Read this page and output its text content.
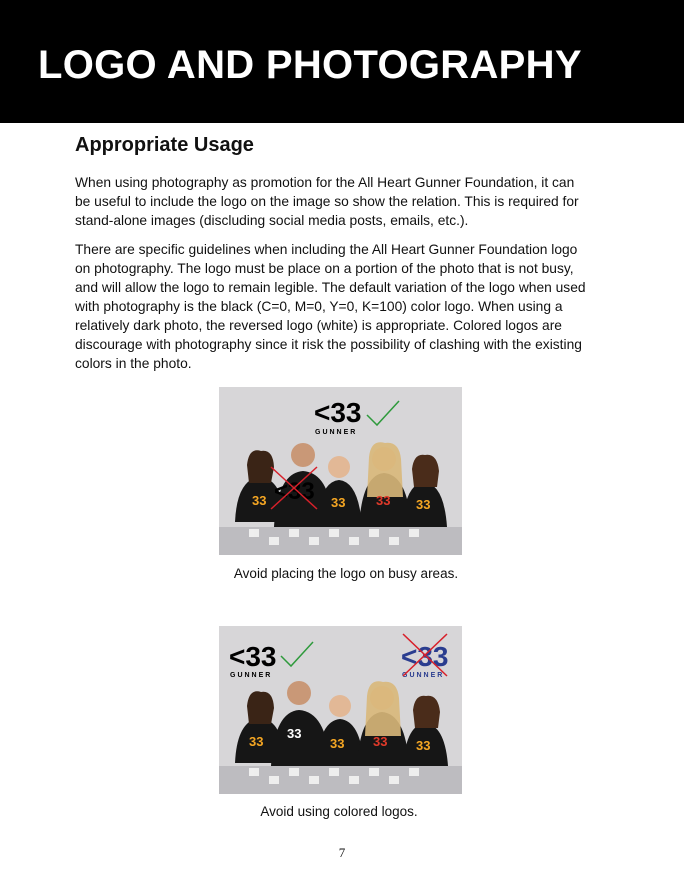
LOGO AND PHOTOGRAPHY
Appropriate Usage

When using photography as promotion for the All Heart Gunner Foundation, it can be useful to include the logo on the image so show the relation. This is required for stand-alone images (discluding social media posts, emails, etc.).

There are specific guidelines when including the All Heart Gunner Foundation logo on photography. The logo must be place on a portion of the photo that is not busy, and will allow the logo to remain legible. The default variation of the logo when used with photography is the black (C=0, M=0, Y=0, K=100) color logo. When using a relatively dark photo, the reversed logo (white) is appropriate. Colored logos are discourage with photography since it risk the possibility of clashing with the existing colors in the photo.

33	33 33 33
<33
<33
GUNNER
Avoid placing the logo on busy areas.
33
33
33 33 33
<33
GUNNER
<33
GUNNER
Avoid using colored logos.
7
